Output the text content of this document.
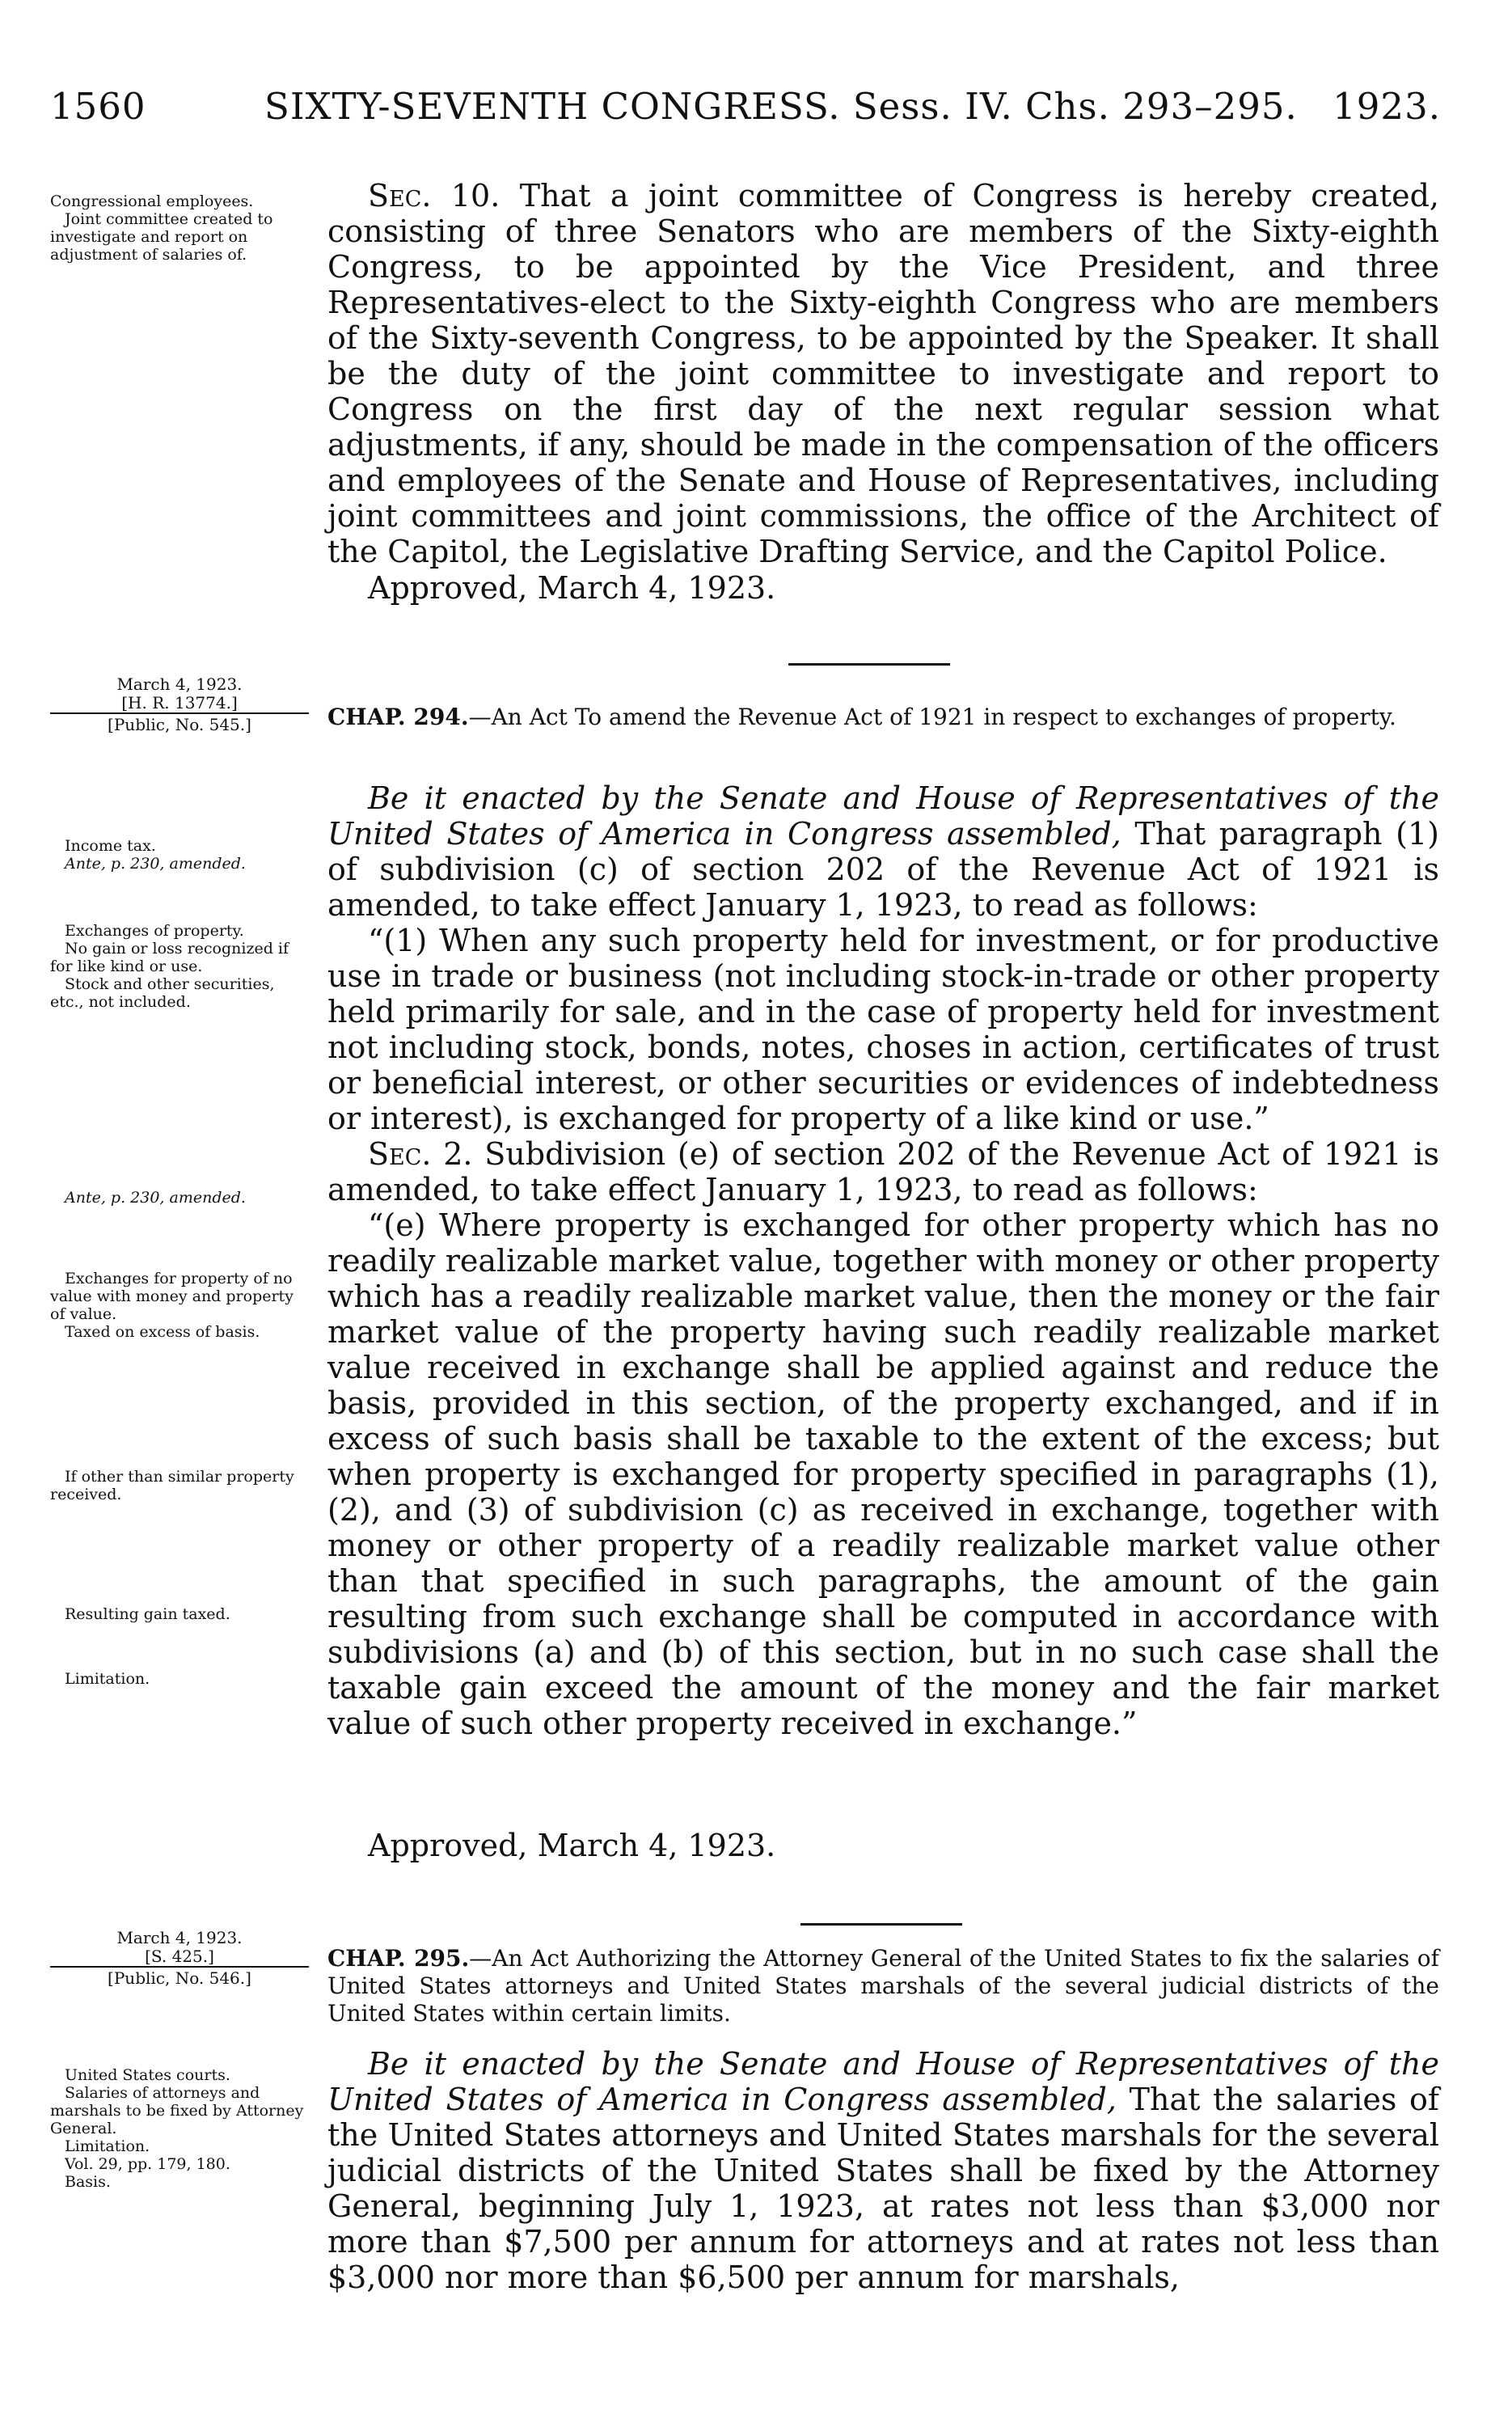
1560	SIXTY-SEVENTH CONGRESS. Sess. IV. Chs. 293–295. 1923.
Congressional employees.
Joint committee created to investigate and report on adjustment of salaries of.

Sec. 10. That a joint committee of Congress is hereby created, consisting of three Senators who are members of the Sixty-eighth Congress, to be appointed by the Vice President, and three Representatives-elect to the Sixty-eighth Congress who are members of the Sixty-seventh Congress, to be appointed by the Speaker. It shall be the duty of the joint committee to investigate and report to Congress on the first day of the next regular session what adjustments, if any, should be made in the compensation of the officers and employees of the Senate and House of Representatives, including joint committees and joint commissions, the office of the Architect of the Capitol, the Legislative Drafting Service, and the Capitol Police.

Approved, March 4, 1923.
March 4, 1923.
[H. R. 13774.]
[Public, No. 545.]	CHAP. 294.—An Act To amend the Revenue Act of 1921 in respect to exchanges of property.
Income tax.
Ante, p. 230, amended.
Exchanges of property.
No gain or loss recognized if for like kind or use.
Stock and other securities, etc., not included.

Be it enacted by the Senate and House of Representatives of the United States of America in Congress assembled, That paragraph (1) of subdivision (c) of section 202 of the Revenue Act of 1921 is amended, to take effect January 1, 1923, to read as follows:

“(1) When any such property held for investment, or for productive use in trade or business (not including stock-in-trade or other property held primarily for sale, and in the case of property held for investment not including stock, bonds, notes, choses in action, certificates of trust or beneficial interest, or other securities or evidences of indebtedness or interest), is exchanged for property of a like kind or use.”

Sec. 2. Subdivision (e) of section 202 of the Revenue Act of 1921 is amended, to take effect January 1, 1923, to read as follows:

“(e) Where property is exchanged for other property which has no readily realizable market value, together with money or other property which has a readily realizable market value, then the money or the fair market value of the property having such readily realizable market value received in exchange shall be applied against and reduce the basis, provided in this section, of the property exchanged, and if in excess of such basis shall be taxable to the extent of the excess; but when property is exchanged for property specified in paragraphs (1), (2), and (3) of subdivision (c) as received in exchange, together with money or other property of a readily realizable market value other than that specified in such paragraphs, the amount of the gain resulting from such exchange shall be computed in accordance with subdivisions (a) and (b) of this section, but in no such case shall the taxable gain exceed the amount of the money and the fair market value of such other property received in exchange.”

Ante, p. 230, amended.
Exchanges for property of no value with money and property of value.
Taxed on excess of basis.
If other than similar property received.
Resulting gain taxed.
Limitation.
Approved, March 4, 1923.
March 4, 1923.
[S. 425.]
[Public, No. 546.]
CHAP. 295.—An Act Authorizing the Attorney General of the United States to fix the salaries of United States attorneys and United States marshals of the several judicial districts of the United States within certain limits.
United States courts.
Salaries of attorneys and marshals to be fixed by Attorney General.
Limitation.
Vol. 29, pp. 179, 180.
Basis.

Be it enacted by the Senate and House of Representatives of the United States of America in Congress assembled, That the salaries of the United States attorneys and United States marshals for the several judicial districts of the United States shall be fixed by the Attorney General, beginning July 1, 1923, at rates not less than $3,000 nor more than $7,500 per annum for attorneys and at rates not less than $3,000 nor more than $6,500 per annum for marshals,
